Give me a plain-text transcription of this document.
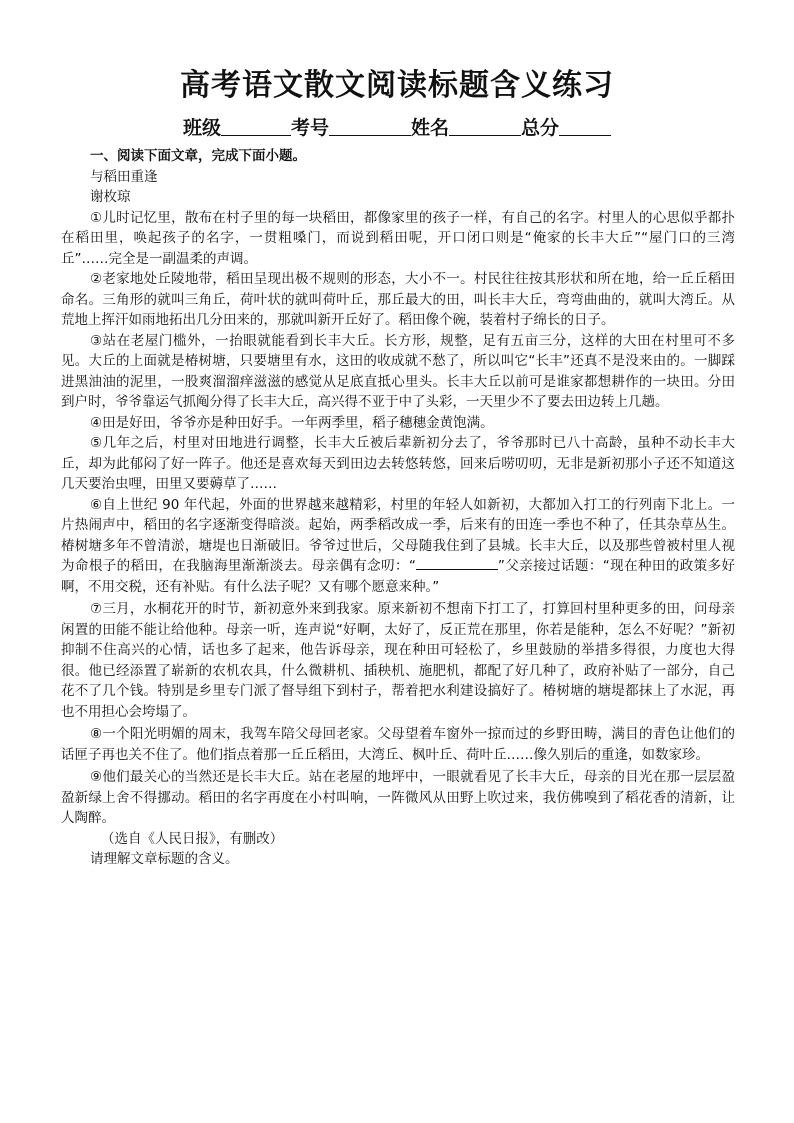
高考语文散文阅读标题含义练习
班级	考号	姓名	总分

一、阅读下面文章，完成下面小题。

与稻田重逢

谢枚琼

①儿时记忆里，散布在村子里的每一块稻田，都像家里的孩子一样，有自己的名字。村里人的心思似乎都扑在稻田里，唤起孩子的名字，一贯粗嗓门，而说到稻田呢，开口闭口则是“俺家的长丰大丘”“屋门口的三湾丘”……完全是一副温柔的声调。

②老家地处丘陵地带，稻田呈现出极不规则的形态，大小不一。村民往往按其形状和所在地，给一丘丘稻田命名。三角形的就叫三角丘，荷叶状的就叫荷叶丘，那丘最大的田，叫长丰大丘，弯弯曲曲的，就叫大湾丘。从荒地上挥汗如雨地拓出几分田来的，那就叫新开丘好了。稻田像个碗，装着村子绵长的日子。

③站在老屋门槛外，一抬眼就能看到长丰大丘。长方形，规整，足有五亩三分，这样的大田在村里可不多见。大丘的上面就是椿树塘，只要塘里有水，这田的收成就不愁了，所以叫它“长丰”还真不是没来由的。一脚踩进黑油油的泥里，一股爽溜溜痒滋滋的感觉从足底直抵心里头。长丰大丘以前可是谁家都想耕作的一块田。分田到户时，爷爷靠运气抓阄分得了长丰大丘，高兴得不亚于中了头彩，一天里少不了要去田边转上几趟。

④田是好田，爷爷亦是种田好手。一年两季里，稻子穗穗金黄饱满。

⑤几年之后，村里对田地进行调整，长丰大丘被后辈新初分去了，爷爷那时已八十高龄，虽种不动长丰大丘，却为此郁闷了好一阵子。他还是喜欢每天到田边去转悠转悠，回来后唠叨叨，无非是新初那小子还不知道这几天要治虫哩，田里又要薅草了……

⑥自上世纪 90 年代起，外面的世界越来越精彩，村里的年轻人如新初，大都加入打工的行列南下北上。一片热闹声中，稻田的名字逐渐变得暗淡。起始，两季稻改成一季，后来有的田连一季也不种了，任其杂草丛生。椿树塘多年不曾清淤，塘堤也日渐破旧。爷爷过世后，父母随我住到了县城。长丰大丘，以及那些曾被村里人视为命根子的稻田，在我脑海里渐渐淡去。母亲偶有念叨：“	”父亲接过话题：“现在种田的政策多好啊，不用交税，还有补贴。有什么法子呢？又有哪个愿意来种。”

⑦三月，水桐花开的时节，新初意外来到我家。原来新初不想南下打工了，打算回村里种更多的田，问母亲闲置的田能不能让给他种。母亲一听，连声说“好啊，太好了，反正荒在那里，你若是能种，怎么不好呢？”新初抑制不住高兴的心情，话也多了起来，他告诉母亲，现在种田可轻松了，乡里鼓励的举措多得很，力度也大得很。他已经添置了崭新的农机农具，什么微耕机、插秧机、施肥机，都配了好几种了，政府补贴了一部分，自己花不了几个钱。特别是乡里专门派了督导组下到村子，帮着把水利建设搞好了。椿树塘的塘堤都抹上了水泥，再也不用担心会垮塌了。

⑧一个阳光明媚的周末，我驾车陪父母回老家。父母望着车窗外一掠而过的乡野田畴，满目的青色让他们的话匣子再也关不住了。他们指点着那一丘丘稻田，大湾丘、枫叶丘、荷叶丘……像久别后的重逢，如数家珍。

⑨他们最关心的当然还是长丰大丘。站在老屋的地坪中，一眼就看见了长丰大丘，母亲的目光在那一层层盈盈新绿上舍不得挪动。稻田的名字再度在小村叫响，一阵微风从田野上吹过来，我仿佛嗅到了稻花香的清新，让人陶醉。

（选自《人民日报》，有删改）

请理解文章标题的含义。
